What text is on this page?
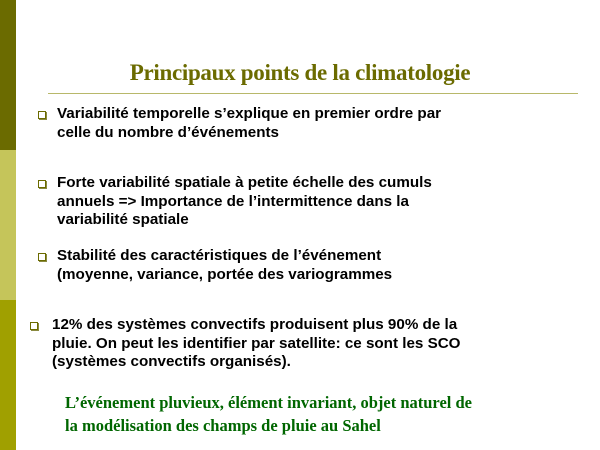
Principaux points de la climatologie
Variabilité temporelle s’explique en premier ordre par
celle du nombre d’événements
Forte variabilité spatiale à petite échelle des cumuls
annuels => Importance de l’intermittence dans la
variabilité spatiale
Stabilité des caractéristiques de l’événement
(moyenne, variance, portée des variogrammes
12% des systèmes convectifs produisent plus 90% de la
pluie. On peut les identifier par satellite: ce sont les SCO
(systèmes convectifs organisés).
L’événement pluvieux, élément invariant, objet naturel de
la modélisation des champs de pluie au Sahel
